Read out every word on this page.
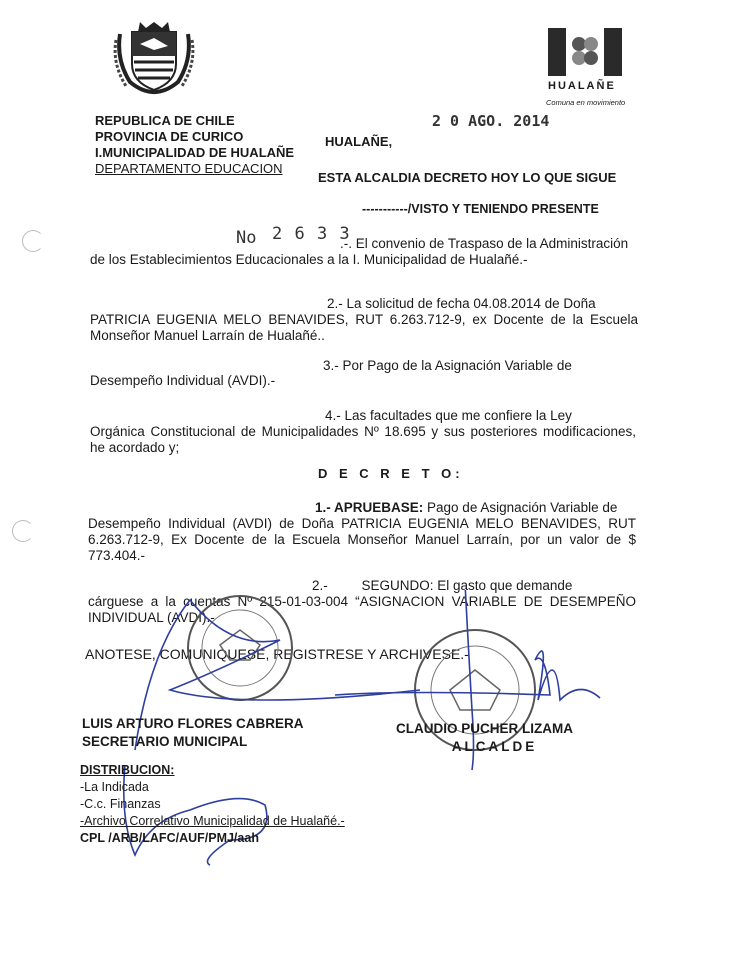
HUALAÑE
Comuna en movimiento
REPUBLICA DE CHILE
PROVINCIA DE CURICO
I.MUNICIPALIDAD DE HUALAÑE
DEPARTAMENTO EDUCACION
2 0 AGO. 2014
HUALAÑE,
ESTA ALCALDIA DECRETO HOY LO QUE SIGUE
-----------/VISTO Y TENIENDO PRESENTE
No 2 6 3 3
.-. El convenio de Traspaso de la Administración
de los Establecimientos Educacionales a la I. Municipalidad de Hualañé.-
2.- La solicitud de fecha 04.08.2014 de Doña
PATRICIA EUGENIA MELO BENAVIDES, RUT 6.263.712-9, ex Docente de la Escuela Monseñor Manuel Larraín de Hualañé..
3.- Por Pago de la Asignación Variable de
Desempeño Individual (AVDI).-
4.- Las facultades que me confiere la Ley
Orgánica Constitucional de Municipalidades Nº 18.695 y sus posteriores modificaciones, he acordado y;
D E C R E T O:
1.- APRUEBASE: Pago de Asignación Variable de
Desempeño Individual (AVDI) de Doña PATRICIA EUGENIA MELO BENAVIDES, RUT 6.263.712-9, Ex Docente de la Escuela Monseñor Manuel Larraín, por un valor de $ 773.404.-
2.-	SEGUNDO: El gasto que demande
cárguese a la cuentas Nº 215-01-03-004 “ASIGNACION VARIABLE DE DESEMPEÑO INDIVIDUAL (AVDI).-
ANOTESE, COMUNIQUESE, REGISTRESE Y ARCHIVESE.-
LUIS ARTURO FLORES CABRERA
SECRETARIO MUNICIPAL
CLAUDIO PUCHER LIZAMA
ALCALDE
DISTRIBUCION:
-La Indicada
-C.c. Finanzas
-Archivo Correlativo Municipalidad de Hualañé.-
CPL /ARB/LAFC/AUF/PMJ/aah
